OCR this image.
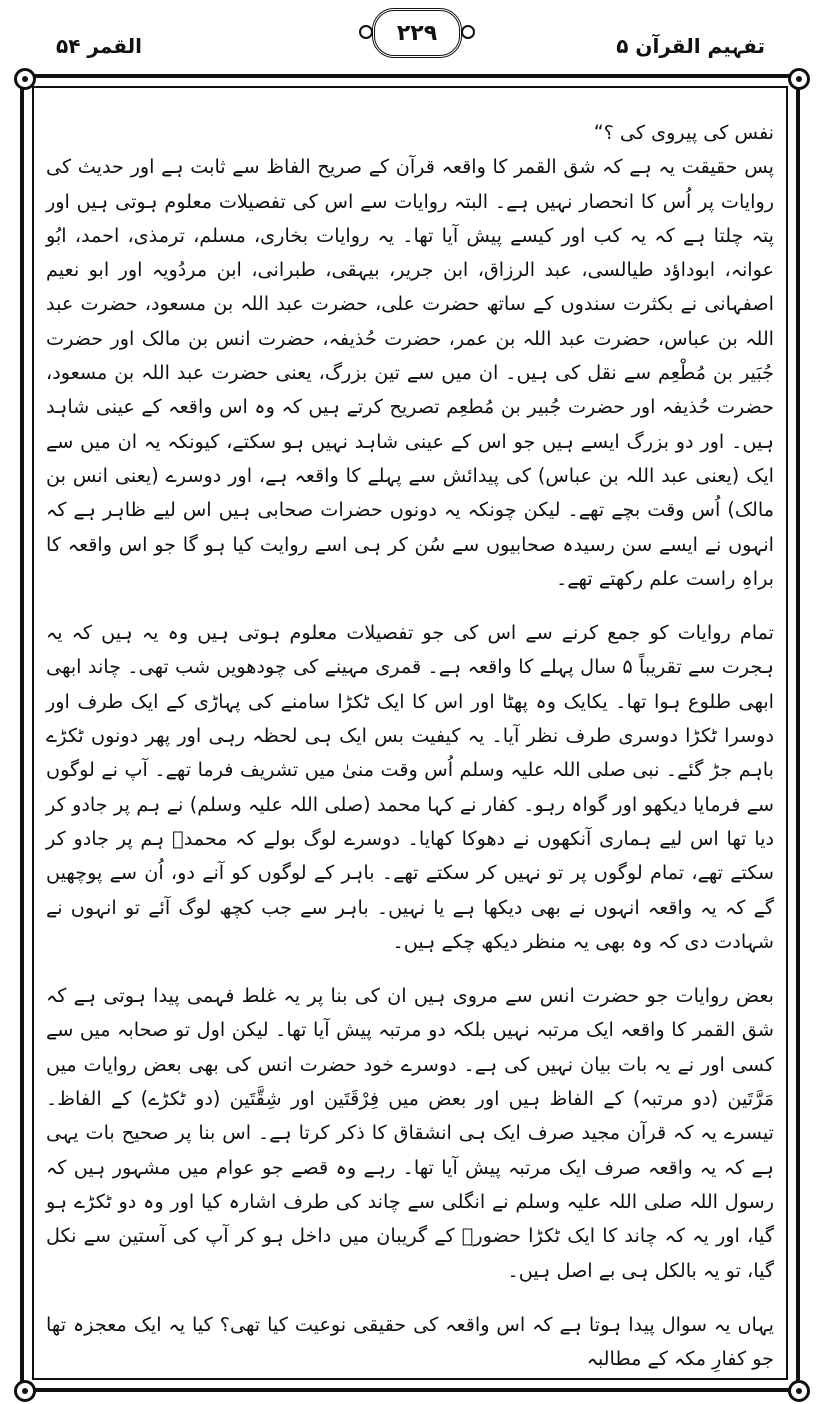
تفہیم القرآن ۵
۲۲۹
القمر ۵۴

نفس کی پیروی کی ؟“

پس حقیقت یہ ہے کہ شق القمر کا واقعہ قرآن کے صریح الفاظ سے ثابت ہے اور حدیث کی روایات پر اُس کا انحصار نہیں ہے۔ البتہ روایات سے اس کی تفصیلات معلوم ہوتی ہیں اور پتہ چلتا ہے کہ یہ کب اور کیسے پیش آیا تھا۔ یہ روایات بخاری، مسلم، ترمذی، احمد، ابُو عوانہ، ابوداؤد طیالسی، عبد الرزاق، ابن جریر، بیہقی، طبرانی، ابن مردُویہ اور ابو نعیم اصفہانی نے بکثرت سندوں کے ساتھ حضرت علی، حضرت عبد اللہ بن مسعود، حضرت عبد اللہ بن عباس، حضرت عبد اللہ بن عمر، حضرت حُذیفہ، حضرت انس بن مالک اور حضرت جُبَیر بن مُطْعِم سے نقل کی ہیں۔ ان میں سے تین بزرگ، یعنی حضرت عبد اللہ بن مسعود، حضرت حُذیفہ اور حضرت جُبیر بن مُطعِم تصریح کرتے ہیں کہ وہ اس واقعہ کے عینی شاہد ہیں۔ اور دو بزرگ ایسے ہیں جو اس کے عینی شاہد نہیں ہو سکتے، کیونکہ یہ ان میں سے ایک (یعنی عبد اللہ بن عباس) کی پیدائش سے پہلے کا واقعہ ہے، اور دوسرے (یعنی انس بن مالک) اُس وقت بچے تھے۔ لیکن چونکہ یہ دونوں حضرات صحابی ہیں اس لیے ظاہر ہے کہ انہوں نے ایسے سن رسیدہ صحابیوں سے سُن کر ہی اسے روایت کیا ہو گا جو اس واقعہ کا براہِ راست علم رکھتے تھے۔

تمام روایات کو جمع کرنے سے اس کی جو تفصیلات معلوم ہوتی ہیں وہ یہ ہیں کہ یہ ہجرت سے تقریباً ۵ سال پہلے کا واقعہ ہے۔ قمری مہینے کی چودھویں شب تھی۔ چاند ابھی ابھی طلوع ہوا تھا۔ یکایک وہ پھٹا اور اس کا ایک ٹکڑا سامنے کی پہاڑی کے ایک طرف اور دوسرا ٹکڑا دوسری طرف نظر آیا۔ یہ کیفیت بس ایک ہی لحظہ رہی اور پھر دونوں ٹکڑے باہم جڑ گئے۔ نبی صلی اللہ علیہ وسلم اُس وقت منیٰ میں تشریف فرما تھے۔ آپ نے لوگوں سے فرمایا دیکھو اور گواہ رہو۔ کفار نے کہا محمد (صلی اللہ علیہ وسلم) نے ہم پر جادو کر دیا تھا اس لیے ہماری آنکھوں نے دھوکا کھایا۔ دوسرے لوگ بولے کہ محمدؐ ہم پر جادو کر سکتے تھے، تمام لوگوں پر تو نہیں کر سکتے تھے۔ باہر کے لوگوں کو آنے دو، اُن سے پوچھیں گے کہ یہ واقعہ انہوں نے بھی دیکھا ہے یا نہیں۔ باہر سے جب کچھ لوگ آئے تو انہوں نے شہادت دی کہ وہ بھی یہ منظر دیکھ چکے ہیں۔

بعض روایات جو حضرت انس سے مروی ہیں ان کی بنا پر یہ غلط فہمی پیدا ہوتی ہے کہ شق القمر کا واقعہ ایک مرتبہ نہیں بلکہ دو مرتبہ پیش آیا تھا۔ لیکن اول تو صحابہ میں سے کسی اور نے یہ بات بیان نہیں کی ہے۔ دوسرے خود حضرت انس کی بھی بعض روایات میں مَرَّتَین (دو مرتبہ) کے الفاظ ہیں اور بعض میں فِرْقَتَین اور شِقَّتَین (دو ٹکڑے) کے الفاظ۔ تیسرے یہ کہ قرآن مجید صرف ایک ہی انشقاق کا ذکر کرتا ہے۔ اس بنا پر صحیح بات یہی ہے کہ یہ واقعہ صرف ایک مرتبہ پیش آیا تھا۔ رہے وہ قصے جو عوام میں مشہور ہیں کہ رسول اللہ صلی اللہ علیہ وسلم نے انگلی سے چاند کی طرف اشارہ کیا اور وہ دو ٹکڑے ہو گیا، اور یہ کہ چاند کا ایک ٹکڑا حضورؐ کے گریبان میں داخل ہو کر آپ کی آستین سے نکل گیا، تو یہ بالکل ہی بے اصل ہیں۔

یہاں یہ سوال پیدا ہوتا ہے کہ اس واقعہ کی حقیقی نوعیت کیا تھی؟ کیا یہ ایک معجزہ تھا جو کفارِ مکہ کے مطالبہ
